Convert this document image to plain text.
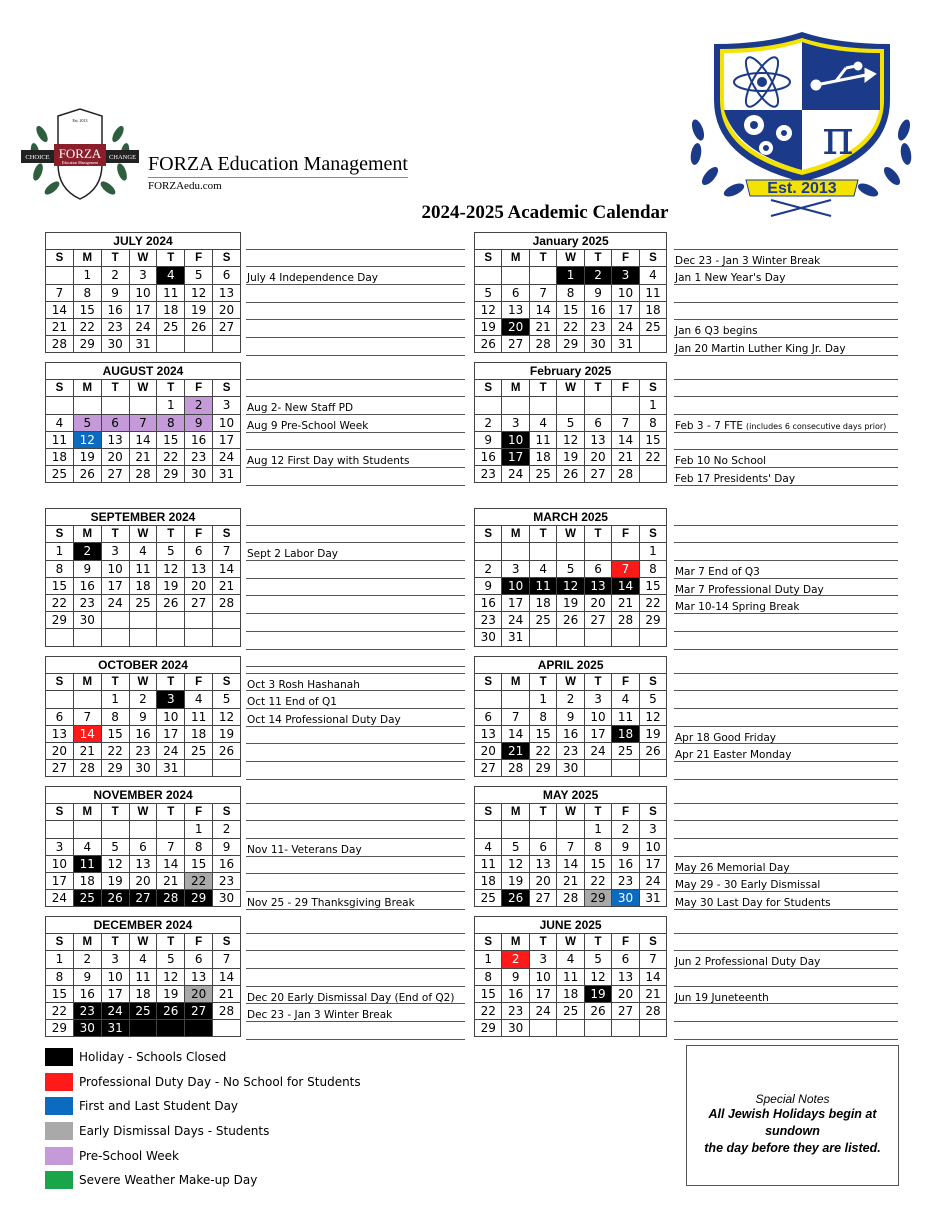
CHOICE	CHANGE
FORZA
Education Management
Est. 2013
FORZA Education Management
FORZAedu.com
π
Est. 2013
2024-2025 Academic Calendar
JULY 2024						
S	M	T	W	T	F	S
	1	2	3	4	5	6
7	8	9	10	11	12	13
14	15	16	17	18	19	20
21	22	23	24	25	26	27
28	29	30	31			
July 4 Independence Day
AUGUST 2024						
S	M	T	W	T	F	S
				1	2	3
4	5	6	7	8	9	10
11	12	13	14	15	16	17
18	19	20	21	22	23	24
25	26	27	28	29	30	31
Aug 2- New Staff PD
Aug 9 Pre-School Week
Aug 12 First Day with Students
SEPTEMBER 2024						
S	M	T	W	T	F	S
1	2	3	4	5	6	7
8	9	10	11	12	13	14
15	16	17	18	19	20	21
22	23	24	25	26	27	28
29	30					

Sept 2 Labor Day
OCTOBER 2024						
S	M	T	W	T	F	S
		1	2	3	4	5
6	7	8	9	10	11	12
13	14	15	16	17	18	19
20	21	22	23	24	25	26
27	28	29	30	31		
Oct 3 Rosh Hashanah
Oct 11 End of Q1
Oct 14 Professional Duty Day
NOVEMBER 2024						
S	M	T	W	T	F	S
					1	2
3	4	5	6	7	8	9
10	11	12	13	14	15	16
17	18	19	20	21	22	23
24	25	26	27	28	29	30
Nov 11- Veterans Day
Nov 25 - 29 Thanksgiving Break
DECEMBER 2024						
S	M	T	W	T	F	S
1	2	3	4	5	6	7
8	9	10	11	12	13	14
15	16	17	18	19	20	21
22	23	24	25	26	27	28
29	30	31				
Dec 20 Early Dismissal Day (End of Q2)
Dec 23 - Jan 3 Winter Break
January 2025						
S	M	T	W	T	F	S
			1	2	3	4
5	6	7	8	9	10	11
12	13	14	15	16	17	18
19	20	21	22	23	24	25
26	27	28	29	30	31	
Dec 23 - Jan 3 Winter Break
Jan 1 New Year's Day
Jan 6 Q3 begins
Jan 20 Martin Luther King Jr. Day
February 2025						
S	M	T	W	T	F	S
						1
2	3	4	5	6	7	8
9	10	11	12	13	14	15
16	17	18	19	20	21	22
23	24	25	26	27	28	
Feb 3 - 7 FTE (includes 6 consecutive days prior)
Feb 10 No School
Feb 17 Presidents' Day
MARCH 2025						
S	M	T	W	T	F	S
						1
2	3	4	5	6	7	8
9	10	11	12	13	14	15
16	17	18	19	20	21	22
23	24	25	26	27	28	29
30	31					
Mar 7 End of Q3
Mar 7 Professional Duty Day
Mar 10-14 Spring Break
APRIL 2025						
S	M	T	W	T	F	S
		1	2	3	4	5
6	7	8	9	10	11	12
13	14	15	16	17	18	19
20	21	22	23	24	25	26
27	28	29	30			
Apr 18 Good Friday
Apr 21 Easter Monday
MAY 2025						
S	M	T	W	T	F	S
				1	2	3
4	5	6	7	8	9	10
11	12	13	14	15	16	17
18	19	20	21	22	23	24
25	26	27	28	29	30	31
May 26 Memorial Day
May 29 - 30 Early Dismissal
May 30 Last Day for Students
JUNE 2025						
S	M	T	W	T	F	S
1	2	3	4	5	6	7
8	9	10	11	12	13	14
15	16	17	18	19	20	21
22	23	24	25	26	27	28
29	30					
Jun 2 Professional Duty Day
Jun 19 Juneteenth
Holiday - Schools Closed
Professional Duty Day - No School for Students
First and Last Student Day
Early Dismissal Days - Students
Pre-School Week
Severe Weather Make-up Day
Special Notes
All Jewish Holidays begin at sundown
the day before they are listed.
